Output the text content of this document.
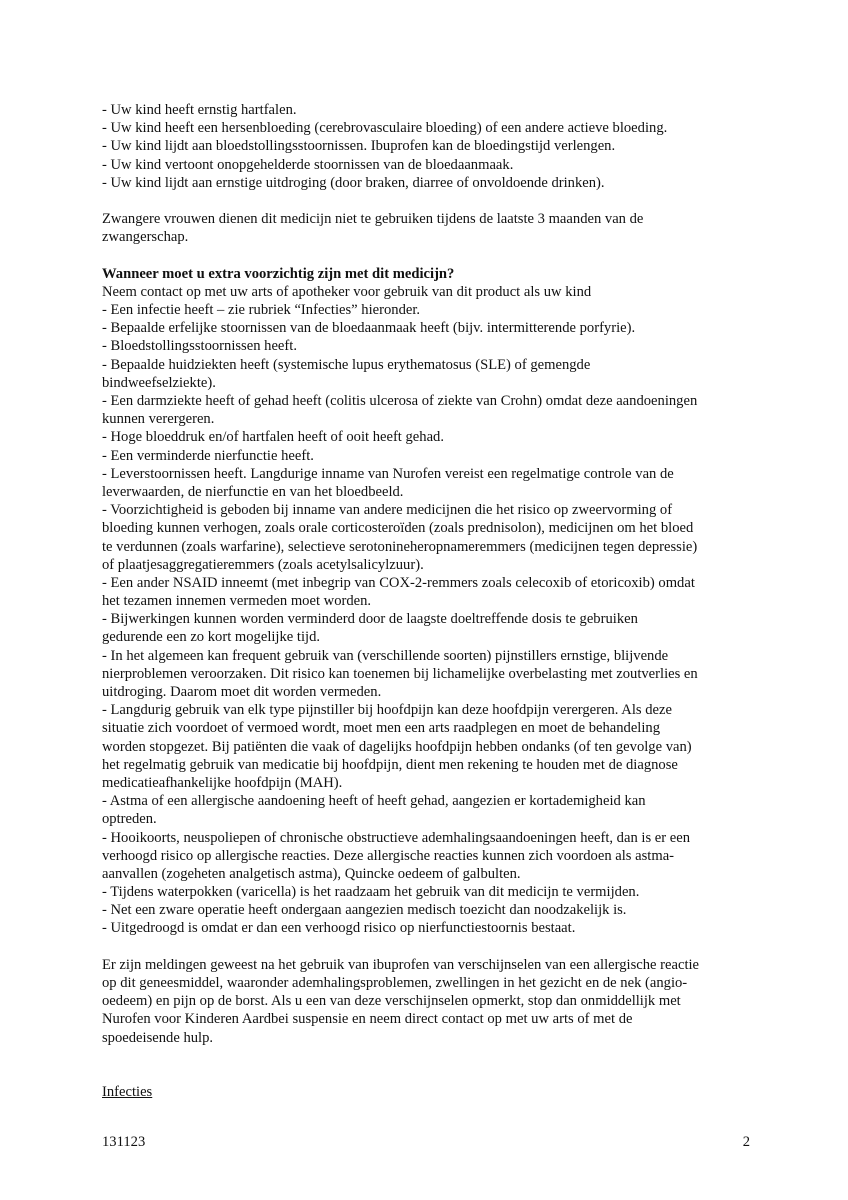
- Uw kind heeft ernstig hartfalen.
- Uw kind heeft een hersenbloeding (cerebrovasculaire bloeding) of een andere actieve bloeding.
- Uw kind lijdt aan bloedstollingsstoornissen. Ibuprofen kan de bloedingstijd verlengen.
- Uw kind vertoont onopgehelderde stoornissen van de bloedaanmaak.
- Uw kind lijdt aan ernstige uitdroging (door braken, diarree of onvoldoende drinken).
Zwangere vrouwen dienen dit medicijn niet te gebruiken tijdens de laatste 3 maanden van de
zwangerschap.
Wanneer moet u extra voorzichtig zijn met dit medicijn?
Neem contact op met uw arts of apotheker voor gebruik van dit product als uw kind
- Een infectie heeft – zie rubriek “Infecties” hieronder.
- Bepaalde erfelijke stoornissen van de bloedaanmaak heeft (bijv. intermitterende porfyrie).
- Bloedstollingsstoornissen heeft.
- Bepaalde huidziekten heeft (systemische lupus erythematosus (SLE) of gemengde
bindweefselziekte).
- Een darmziekte heeft of gehad heeft (colitis ulcerosa of ziekte van Crohn) omdat deze aandoeningen
kunnen verergeren.
- Hoge bloeddruk en/of hartfalen heeft of ooit heeft gehad.
- Een verminderde nierfunctie heeft.
- Leverstoornissen heeft. Langdurige inname van Nurofen vereist een regelmatige controle van de
leverwaarden, de nierfunctie en van het bloedbeeld.
- Voorzichtigheid is geboden bij inname van andere medicijnen die het risico op zweervorming of
bloeding kunnen verhogen, zoals orale corticosteroïden (zoals prednisolon), medicijnen om het bloed
te verdunnen (zoals warfarine), selectieve serotonineheropnameremmers (medicijnen tegen depressie)
of plaatjesaggregatieremmers (zoals acetylsalicylzuur).
- Een ander NSAID inneemt (met inbegrip van COX-2-remmers zoals celecoxib of etoricoxib) omdat
het tezamen innemen vermeden moet worden.
- Bijwerkingen kunnen worden verminderd door de laagste doeltreffende dosis te gebruiken
gedurende een zo kort mogelijke tijd.
- In het algemeen kan frequent gebruik van (verschillende soorten) pijnstillers ernstige, blijvende
nierproblemen veroorzaken. Dit risico kan toenemen bij lichamelijke overbelasting met zoutverlies en
uitdroging. Daarom moet dit worden vermeden.
- Langdurig gebruik van elk type pijnstiller bij hoofdpijn kan deze hoofdpijn verergeren. Als deze
situatie zich voordoet of vermoed wordt, moet men een arts raadplegen en moet de behandeling
worden stopgezet. Bij patiënten die vaak of dagelijks hoofdpijn hebben ondanks (of ten gevolge van)
het regelmatig gebruik van medicatie bij hoofdpijn, dient men rekening te houden met de diagnose
medicatieafhankelijke hoofdpijn (MAH).
- Astma of een allergische aandoening heeft of heeft gehad, aangezien er kortademigheid kan
optreden.
- Hooikoorts, neuspoliepen of chronische obstructieve ademhalingsaandoeningen heeft, dan is er een
verhoogd risico op allergische reacties. Deze allergische reacties kunnen zich voordoen als astma-
aanvallen (zogeheten analgetisch astma), Quincke oedeem of galbulten.
- Tijdens waterpokken (varicella) is het raadzaam het gebruik van dit medicijn te vermijden.
- Net een zware operatie heeft ondergaan aangezien medisch toezicht dan noodzakelijk is.
- Uitgedroogd is omdat er dan een verhoogd risico op nierfunctiestoornis bestaat.
Er zijn meldingen geweest na het gebruik van ibuprofen van verschijnselen van een allergische reactie
op dit geneesmiddel, waaronder ademhalingsproblemen, zwellingen in het gezicht en de nek (angio-
oedeem) en pijn op de borst. Als u een van deze verschijnselen opmerkt, stop dan onmiddellijk met
Nurofen voor Kinderen Aardbei suspensie en neem direct contact op met uw arts of met de
spoedeisende hulp.
Infecties
131123	2
